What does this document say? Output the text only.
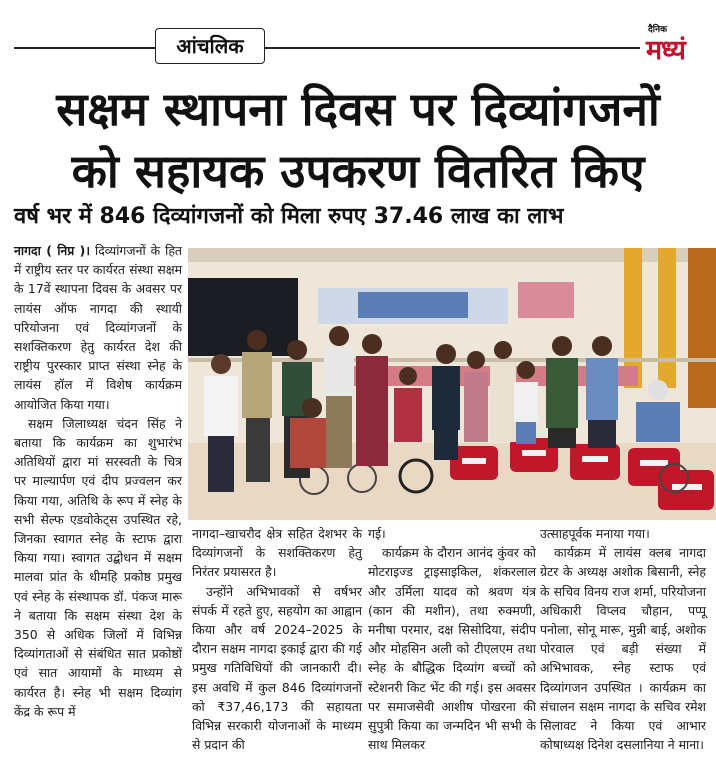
आंचलिक
दैनिक
मध्यं
सक्षम स्थापना दिवस पर दिव्यांगजनों
को सहायक उपकरण वितरित किए
वर्ष भर में 846 दिव्यांगजनों को मिला रुपए 37.46 लाख का लाभ

नागदा ( निप्र )। दिव्यांगजनों के हित में राष्ट्रीय स्तर पर कार्यरत संस्था सक्षम के 17वें स्थापना दिवस के अवसर पर लायंस ऑफ नागदा की स्थायी परियोजना एवं दिव्यांगजनों के सशक्तिकरण हेतु कार्यरत देश की राष्ट्रीय पुरस्कार प्राप्त संस्था स्नेह के लायंस हॉल में विशेष कार्यक्रम आयोजित किया गया।

सक्षम जिलाध्यक्ष चंदन सिंह ने बताया कि कार्यक्रम का शुभारंभ अतिथियों द्वारा मां सरस्वती के चित्र पर माल्यार्पण एवं दीप प्रज्वलन कर किया गया, अतिथि के रूप में स्नेह के सभी सेल्फ एडवोकेट्स उपस्थित रहे, जिनका स्वागत स्नेह के स्टाफ द्वारा किया गया। स्वागत उद्बोधन में सक्षम मालवा प्रांत के धीमहि प्रकोष्ठ प्रमुख एवं स्नेह के संस्थापक डॉ. पंकज मारू ने बताया कि सक्षम संस्था देश के 350 से अधिक जिलों में विभिन्न दिव्यांगताओं से संबंधित सात प्रकोष्ठों एवं सात आयामों के माध्यम से कार्यरत है। स्नेह भी सक्षम दिव्यांग केंद्र के रूप में

नागदा–खाचरौद क्षेत्र सहित देशभर के दिव्यांगजनों के सशक्तिकरण हेतु निरंतर प्रयासरत है।

उन्होंने अभिभावकों से वर्षभर संपर्क में रहते हुए, सहयोग का आह्वान किया और वर्ष 2024–2025 के दौरान सक्षम नागदा इकाई द्वारा की गई प्रमुख गतिविधियों की जानकारी दी। इस अवधि में कुल 846 दिव्यांगजनों को ₹37,46,173 की सहायता विभिन्न सरकारी योजनाओं के माध्यम से प्रदान की

गई।

कार्यक्रम के दौरान आनंद कुंवर को मोटराइज्ड ट्राइसाइकिल, शंकरलाल और उर्मिला यादव को श्रवण यंत्र (कान की मशीन), तथा रुक्मणी, मनीषा परमार, दक्ष सिसोदिया, संदीप और मोहसिन अली को टीएलएम तथा स्नेह के बौद्धिक दिव्यांग बच्चों को स्टेशनरी किट भेंट की गई। इस अवसर पर समाजसेवी आशीष पोखरना की सुपुत्री किया का जन्मदिन भी सभी के साथ मिलकर

उत्साहपूर्वक मनाया गया।

कार्यक्रम में लायंस क्लब नागदा ग्रेटर के अध्यक्ष अशोक बिसानी, स्नेह के सचिव विनय राज शर्मा, परियोजना अधिकारी विप्लव चौहान, पप्पू पनोला, सोनू मारू, मुन्नी बाई, अशोक पोरवाल एवं बड़ी संख्या में अभिभावक, स्नेह स्टाफ एवं दिव्यांगजन उपस्थित । कार्यक्रम का संचालन सक्षम नागदा के सचिव रमेश सिलावट ने किया एवं आभार कोषाध्यक्ष दिनेश दसलानिया ने माना।
